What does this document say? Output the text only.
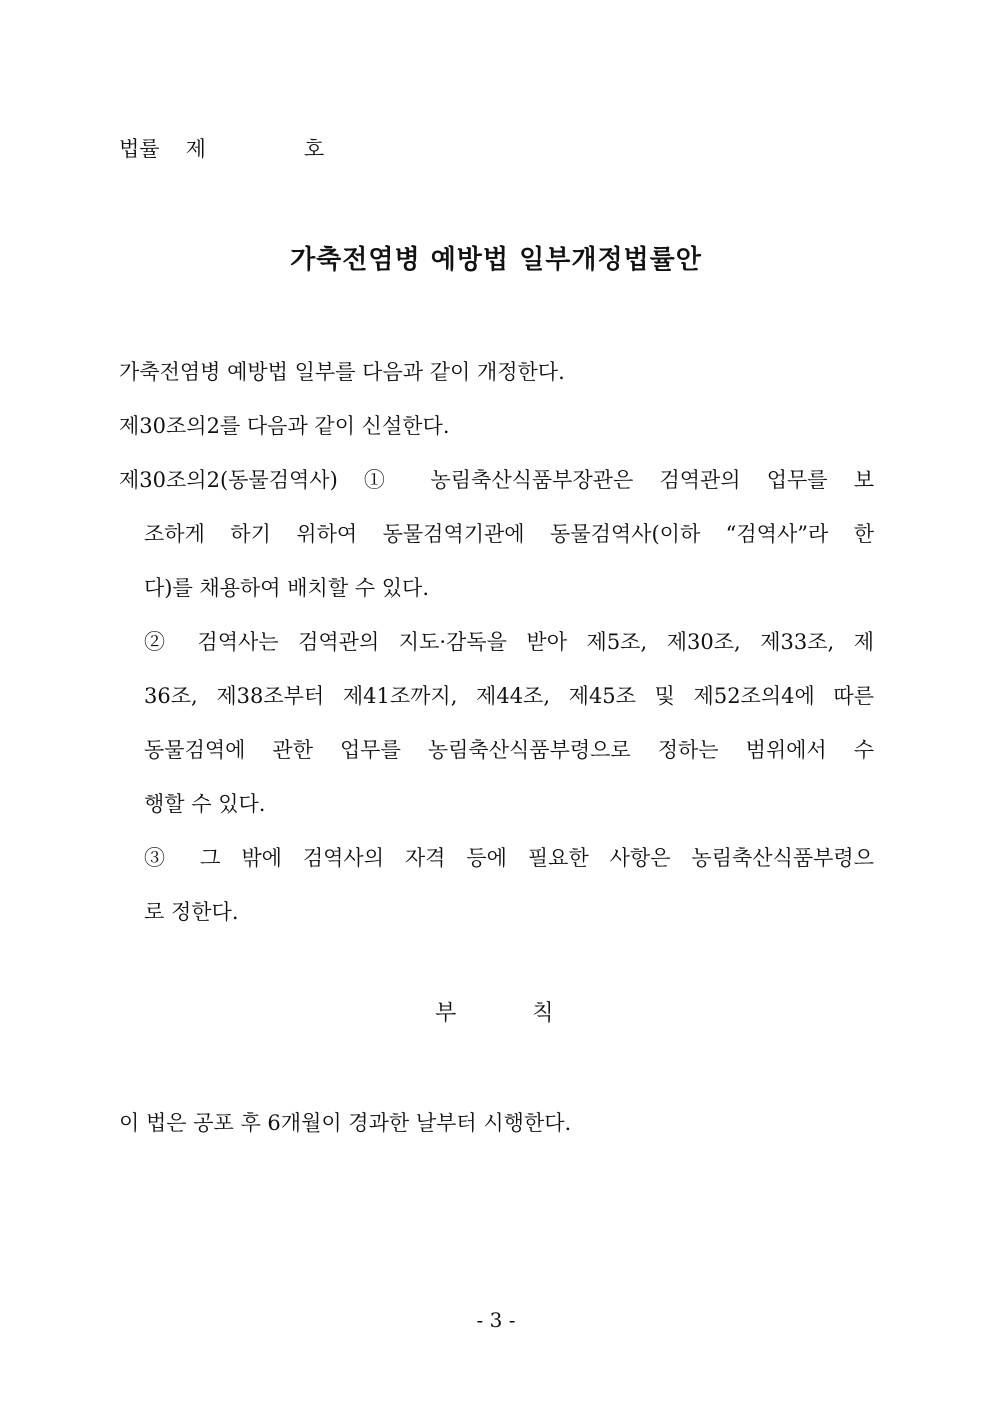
법률 제	호
가축전염병 예방법 일부개정법률안
가축전염병 예방법 일부를 다음과 같이 개정한다.
제30조의2를 다음과 같이 신설한다.
제30조의2(동물검역사) ① 농림축산식품부장관은 검역관의 업무를 보
조하게 하기 위하여 동물검역기관에 동물검역사(이하 “검역사”라 한
다)를 채용하여 배치할 수 있다.
② 검역사는 검역관의 지도·감독을 받아 제5조, 제30조, 제33조, 제
36조, 제38조부터 제41조까지, 제44조, 제45조 및 제52조의4에 따른
동물검역에 관한 업무를 농림축산식품부령으로 정하는 범위에서 수
행할 수 있다.
③ 그 밖에 검역사의 자격 등에 필요한 사항은 농림축산식품부령으
로 정한다.
부	칙
이 법은 공포 후 6개월이 경과한 날부터 시행한다.
- 3 -
